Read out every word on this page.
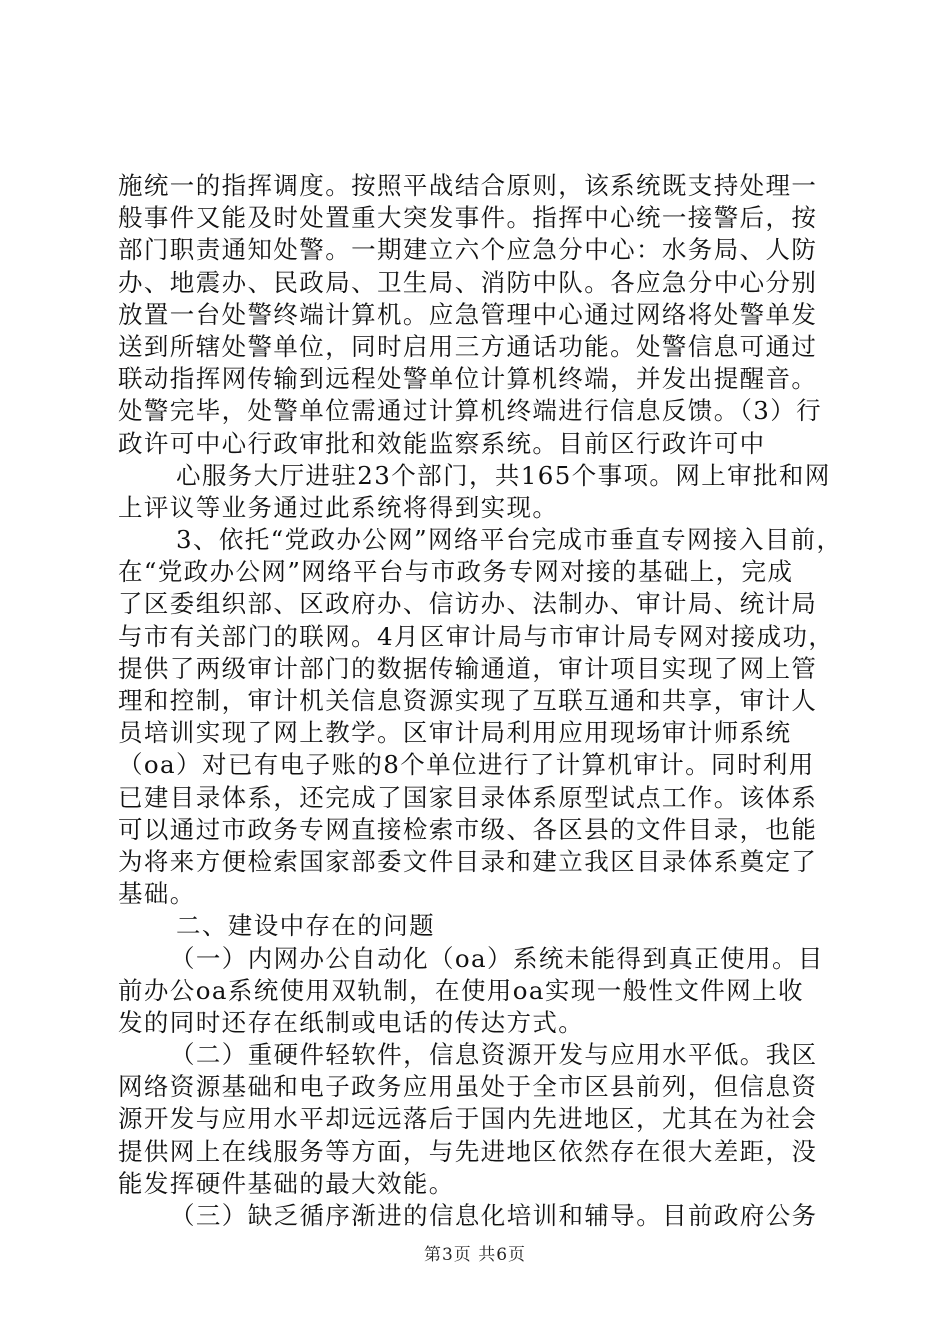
施统一的指挥调度。按照平战结合原则，该系统既支持处理一
般事件又能及时处置重大突发事件。指挥中心统一接警后，按
部门职责通知处警。一期建立六个应急分中心：水务局、人防
办、地震办、民政局、卫生局、消防中队。各应急分中心分别
放置一台处警终端计算机。应急管理中心通过网络将处警单发
送到所辖处警单位，同时启用三方通话功能。处警信息可通过
联动指挥网传输到远程处警单位计算机终端，并发出提醒音。
处警完毕，处警单位需通过计算机终端进行信息反馈。（3）行
政许可中心行政审批和效能监察系统。目前区行政许可中
心服务大厅进驻23个部门，共165个事项。网上审批和网
上评议等业务通过此系统将得到实现。
3、依托“党政办公网”网络平台完成市垂直专网接入目前，
在“党政办公网”网络平台与市政务专网对接的基础上，完成
了区委组织部、区政府办、信访办、法制办、审计局、统计局
与市有关部门的联网。4月区审计局与市审计局专网对接成功，
提供了两级审计部门的数据传输通道，审计项目实现了网上管
理和控制，审计机关信息资源实现了互联互通和共享，审计人
员培训实现了网上教学。区审计局利用应用现场审计师系统
（oa）对已有电子账的8个单位进行了计算机审计。同时利用
已建目录体系，还完成了国家目录体系原型试点工作。该体系
可以通过市政务专网直接检索市级、各区县的文件目录，也能
为将来方便检索国家部委文件目录和建立我区目录体系奠定了
基础。
二、建设中存在的问题
（一）内网办公自动化（oa）系统未能得到真正使用。目
前办公oa系统使用双轨制，在使用oa实现一般性文件网上收
发的同时还存在纸制或电话的传达方式。
（二）重硬件轻软件，信息资源开发与应用水平低。我区
网络资源基础和电子政务应用虽处于全市区县前列，但信息资
源开发与应用水平却远远落后于国内先进地区，尤其在为社会
提供网上在线服务等方面，与先进地区依然存在很大差距，没
能发挥硬件基础的最大效能。
（三）缺乏循序渐进的信息化培训和辅导。目前政府公务
第3页 共6页
